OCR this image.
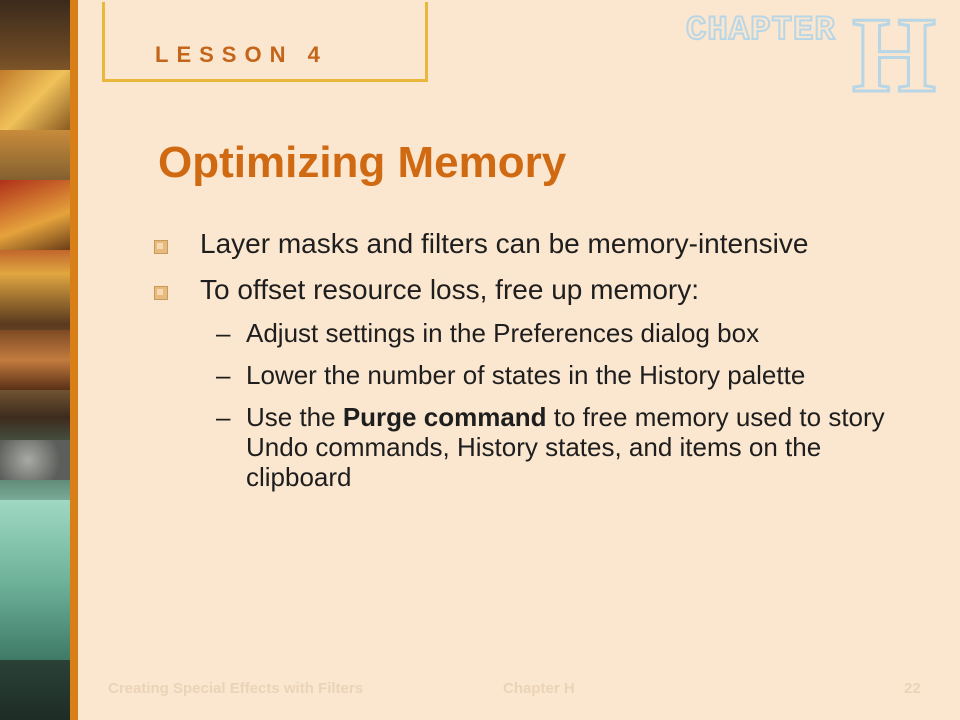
LESSON 4
CHAPTER H
Optimizing Memory
Layer masks and filters can be memory-intensive
To offset resource loss, free up memory:
– Adjust settings in the Preferences dialog box
– Lower the number of states in the History palette
– Use the Purge command to free memory used to story Undo commands, History states, and items on the clipboard
Creating Special Effects with Filters	Chapter H	22
